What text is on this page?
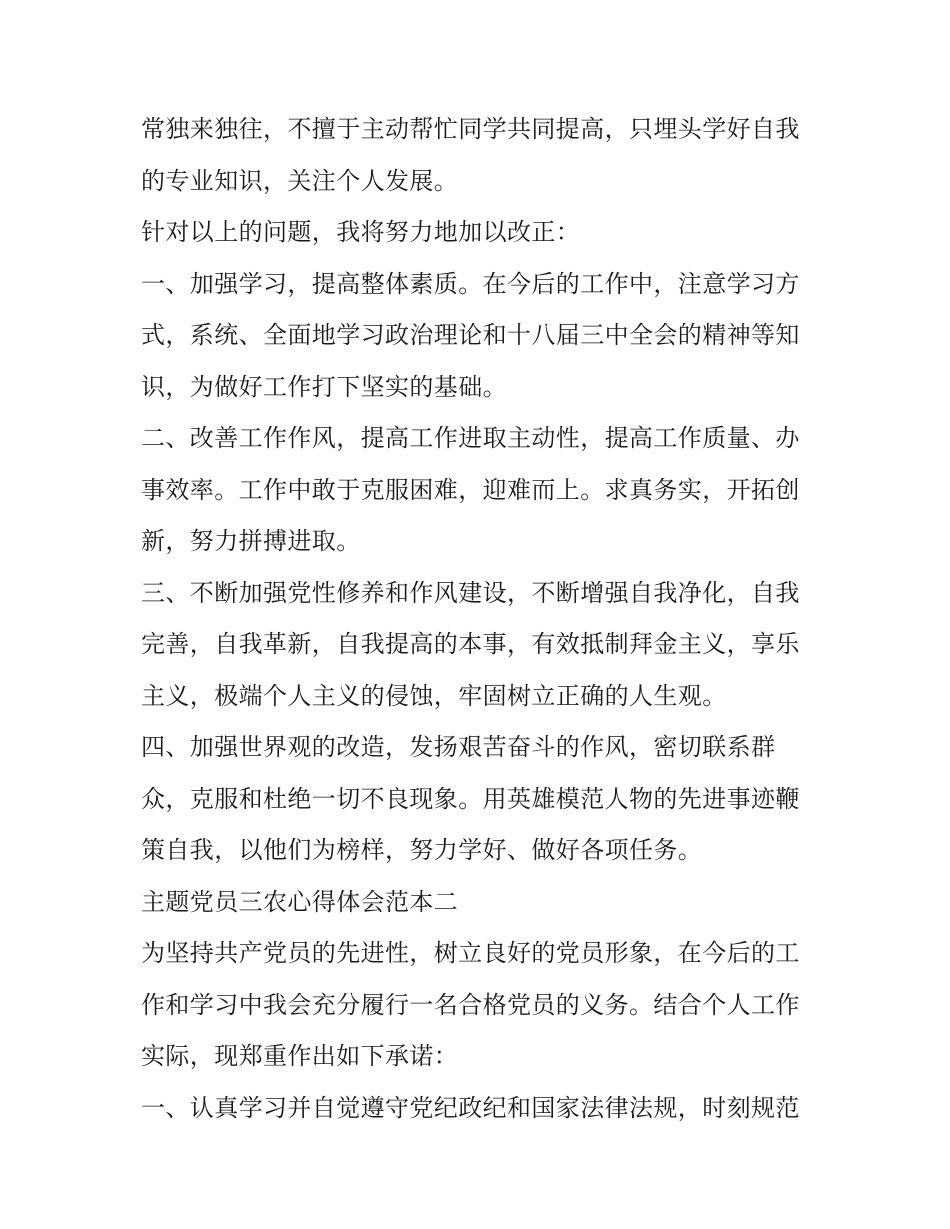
常独来独往，不擅于主动帮忙同学共同提高，只埋头学好自我
的专业知识，关注个人发展。
针对以上的问题，我将努力地加以改正：
一、加强学习，提高整体素质。在今后的工作中，注意学习方
式，系统、全面地学习政治理论和十八届三中全会的精神等知
识，为做好工作打下坚实的基础。
二、改善工作作风，提高工作进取主动性，提高工作质量、办
事效率。工作中敢于克服困难，迎难而上。求真务实，开拓创
新，努力拼搏进取。
三、不断加强党性修养和作风建设，不断增强自我净化，自我
完善，自我革新，自我提高的本事，有效抵制拜金主义，享乐
主义，极端个人主义的侵蚀，牢固树立正确的人生观。
四、加强世界观的改造，发扬艰苦奋斗的作风，密切联系群
众，克服和杜绝一切不良现象。用英雄模范人物的先进事迹鞭
策自我，以他们为榜样，努力学好、做好各项任务。
主题党员三农心得体会范本二
为坚持共产党员的先进性，树立良好的党员形象，在今后的工
作和学习中我会充分履行一名合格党员的义务。结合个人工作
实际，现郑重作出如下承诺：
一、认真学习并自觉遵守党纪政纪和国家法律法规，时刻规范
